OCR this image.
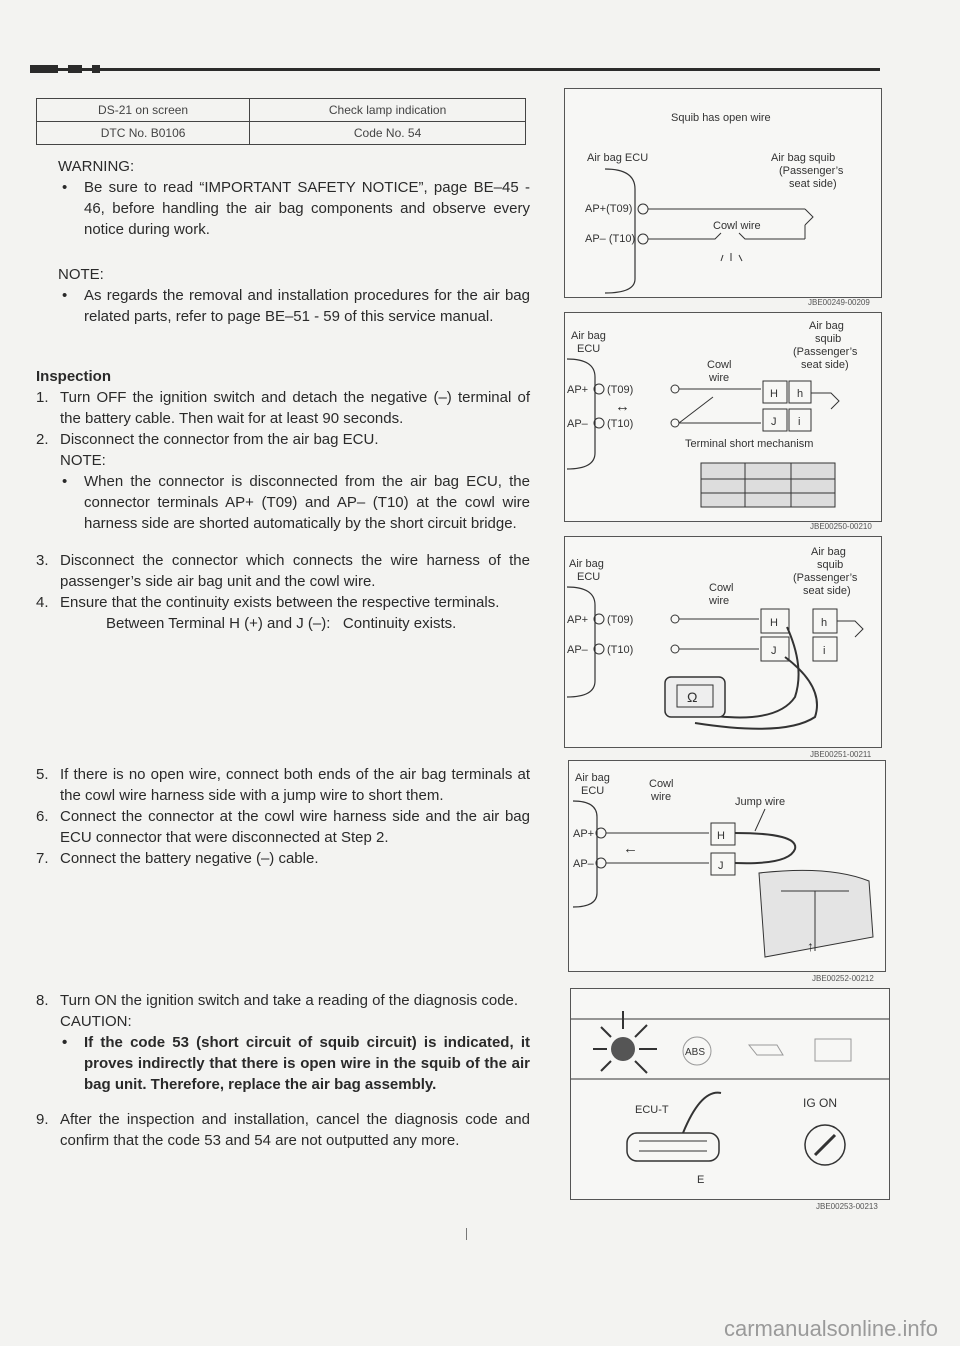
DS-21 on screen	Check lamp indication
DTC No. B0106	Code No. 54

WARNING:

• Be sure to read “IMPORTANT SAFETY NOTICE”, page BE–45 - 46, before handling the air bag components and observe every notice during work.

NOTE:

• As regards the removal and installation procedures for the air bag related parts, refer to page BE–51 - 59 of this service manual.

Inspection

1. Turn OFF the ignition switch and detach the negative (–) terminal of the battery cable. Then wait for at least 90 seconds.

2. Disconnect the connector from the air bag ECU.

NOTE:

• When the connector is disconnected from the air bag ECU, the connector terminals AP+ (T09) and AP– (T10) at the cowl wire harness side are shorted automatically by the short circuit bridge.

3. Disconnect the connector which connects the wire harness of the passenger’s side air bag unit and the cowl wire.

4. Ensure that the continuity exists between the respective terminals.

Between Terminal H (+) and J (–): Continuity exists.

5. If there is no open wire, connect both ends of the air bag terminals at the cowl wire harness side with a jump wire to short them.

6. Connect the connector at the cowl wire harness side and the air bag ECU connector that were disconnected at Step 2.

7. Connect the battery negative (–) cable.

8. Turn ON the ignition switch and take a reading of the diagnosis code.

CAUTION:

• If the code 53 (short circuit of squib circuit) is indicated, it proves indirectly that there is open wire in the squib of the air bag unit. Therefore, replace the air bag assembly.

9. After the inspection and installation, cancel the diagnosis code and confirm that the code 53 and 54 are not outputted any more.

Squib has open wire
Air bag ECU	Air bag squib
(Passenger’s
seat side)
AP+(T09)
AP– (T10)
Cowl wire
JBE00249-00209
Air bag
ECU
Air bag
squib
(Passenger’s
seat side)
Cowl
wire
AP+ (T09)
AP– (T10)
↔
H h
J i
Terminal short mechanism
JBE00250-00210
Air bag
ECU
Air bag
squib
(Passenger’s
seat side)
Cowl
wire
AP+ (T09)
AP– (T10)
H
J
h
i
Ω
JBE00251-00211
Air bag
ECU
Cowl
wire	Jump wire
AP+
AP–
←
H
J
↑
JBE00252-00212
ABS
ECU-T
E
IG ON
JBE00253-00213
carmanualsonline.info
